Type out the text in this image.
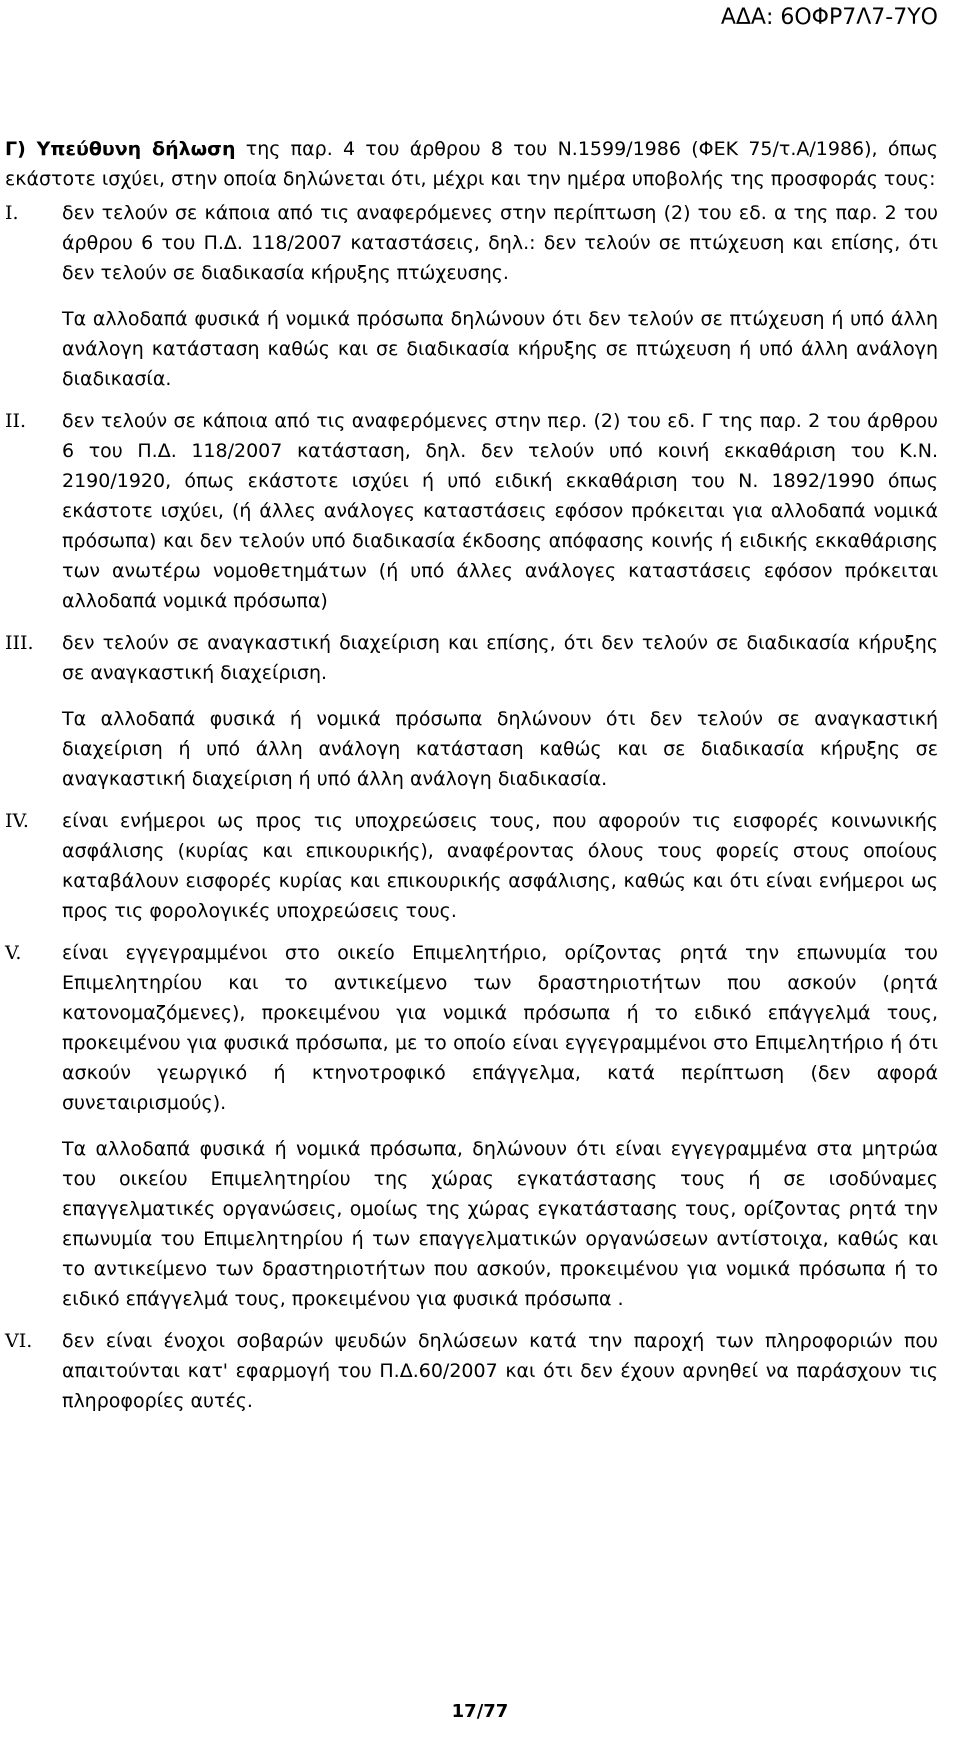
ΑΔΑ: 6ΟΦΡ7Λ7-7ΥΟ

Γ) Υπεύθυνη δήλωση της παρ. 4 του άρθρου 8 του Ν.1599/1986 (ΦΕΚ 75/τ.Α/1986), όπως εκάστοτε ισχύει, στην οποία δηλώνεται ότι, μέχρι και την ημέρα υποβολής της προσφοράς τους:

I.	δεν τελούν σε κάποια από τις αναφερόμενες στην περίπτωση (2) του εδ. α της παρ. 2 του άρθρου 6 του Π.Δ. 118/2007 καταστάσεις, δηλ.: δεν τελούν σε πτώχευση και επίσης, ότι δεν τελούν σε διαδικασία κήρυξης πτώχευσης.

Τα αλλοδαπά φυσικά ή νομικά πρόσωπα δηλώνουν ότι δεν τελούν σε πτώχευση ή υπό άλλη ανάλογη κατάσταση καθώς και σε διαδικασία κήρυξης σε πτώχευση ή υπό άλλη ανάλογη διαδικασία.

II.	δεν τελούν σε κάποια από τις αναφερόμενες στην περ. (2) του εδ. Γ της παρ. 2 του άρθρου 6 του Π.Δ. 118/2007 κατάσταση, δηλ. δεν τελούν υπό κοινή εκκαθάριση του Κ.Ν. 2190/1920, όπως εκάστοτε ισχύει ή υπό ειδική εκκαθάριση του Ν. 1892/1990 όπως εκάστοτε ισχύει, (ή άλλες ανάλογες καταστάσεις εφόσον πρόκειται για αλλοδαπά νομικά πρόσωπα) και δεν τελούν υπό διαδικασία έκδοσης απόφασης κοινής ή ειδικής εκκαθάρισης των ανωτέρω νομοθετημάτων (ή υπό άλλες ανάλογες καταστάσεις εφόσον πρόκειται αλλοδαπά νομικά πρόσωπα)

III.	δεν τελούν σε αναγκαστική διαχείριση και επίσης, ότι δεν τελούν σε διαδικασία κήρυξης σε αναγκαστική διαχείριση.

Τα αλλοδαπά φυσικά ή νομικά πρόσωπα δηλώνουν ότι δεν τελούν σε αναγκαστική διαχείριση ή υπό άλλη ανάλογη κατάσταση καθώς και σε διαδικασία κήρυξης σε αναγκαστική διαχείριση ή υπό άλλη ανάλογη διαδικασία.

IV.	είναι ενήμεροι ως προς τις υποχρεώσεις τους, που αφορούν τις εισφορές κοινωνικής ασφάλισης (κυρίας και επικουρικής), αναφέροντας όλους τους φορείς στους οποίους καταβάλουν εισφορές κυρίας και επικουρικής ασφάλισης, καθώς και ότι είναι ενήμεροι ως προς τις φορολογικές υποχρεώσεις τους.

V.	είναι εγγεγραμμένοι στο οικείο Επιμελητήριο, ορίζοντας ρητά την επωνυμία του Επιμελητηρίου και το αντικείμενο των δραστηριοτήτων που ασκούν (ρητά κατονομαζόμενες), προκειμένου για νομικά πρόσωπα ή το ειδικό επάγγελμά τους, προκειμένου για φυσικά πρόσωπα, με το οποίο είναι εγγεγραμμένοι στο Επιμελητήριο ή ότι ασκούν γεωργικό ή κτηνοτροφικό επάγγελμα, κατά περίπτωση (δεν αφορά συνεταιρισμούς).

Τα αλλοδαπά φυσικά ή νομικά πρόσωπα, δηλώνουν ότι είναι εγγεγραμμένα στα μητρώα του οικείου Επιμελητηρίου της χώρας εγκατάστασης τους ή σε ισοδύναμες επαγγελματικές οργανώσεις, ομοίως της χώρας εγκατάστασης τους, ορίζοντας ρητά την επωνυμία του Επιμελητηρίου ή των επαγγελματικών οργανώσεων αντίστοιχα, καθώς και το αντικείμενο των δραστηριοτήτων που ασκούν, προκειμένου για νομικά πρόσωπα ή το ειδικό επάγγελμά τους, προκειμένου για φυσικά πρόσωπα .

VI.	δεν είναι ένοχοι σοβαρών ψευδών δηλώσεων κατά την παροχή των πληροφοριών που απαιτούνται κατ' εφαρμογή του Π.Δ.60/2007 και ότι δεν έχουν αρνηθεί να παράσχουν τις πληροφορίες αυτές.

17/77
